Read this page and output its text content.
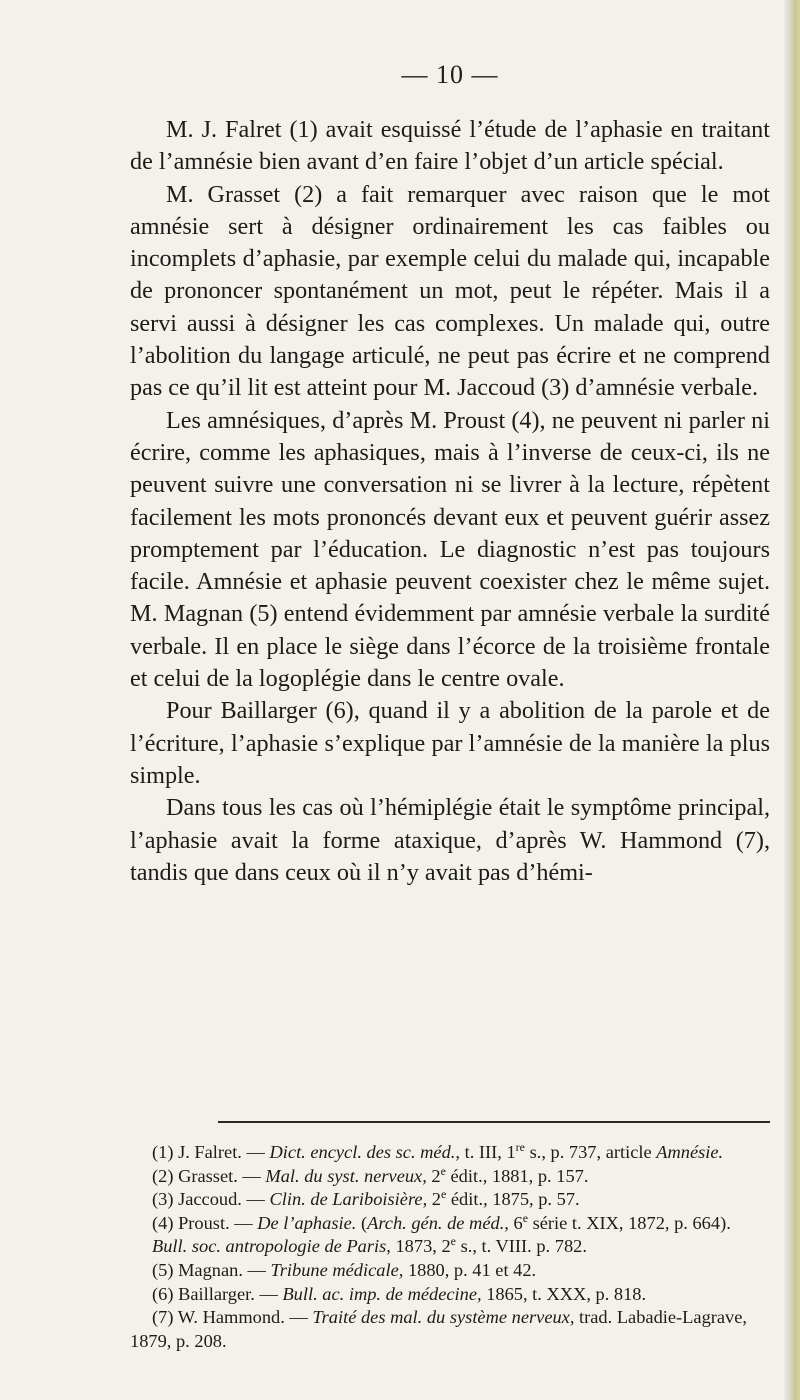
— 10 —

M. J. Falret (1) avait esquissé l’étude de l’aphasie en traitant de l’amnésie bien avant d’en faire l’objet d’un article spécial.

M. Grasset (2) a fait remarquer avec raison que le mot amnésie sert à désigner ordinairement les cas faibles ou incomplets d’aphasie, par exemple celui du malade qui, incapable de prononcer spontanément un mot, peut le répéter. Mais il a servi aussi à désigner les cas complexes. Un malade qui, outre l’abolition du langage articulé, ne peut pas écrire et ne comprend pas ce qu’il lit est atteint pour M. Jaccoud (3) d’amnésie verbale.

Les amnésiques, d’après M. Proust (4), ne peuvent ni parler ni écrire, comme les aphasiques, mais à l’inverse de ceux-ci, ils ne peuvent suivre une conversation ni se livrer à la lecture, répètent facilement les mots prononcés devant eux et peuvent guérir assez promptement par l’éducation. Le diagnostic n’est pas toujours facile. Amnésie et aphasie peuvent coexister chez le même sujet. M. Magnan (5) entend évidemment par amnésie verbale la surdité verbale. Il en place le siège dans l’écorce de la troisième frontale et celui de la logoplégie dans le centre ovale.

Pour Baillarger (6), quand il y a abolition de la parole et de l’écriture, l’aphasie s’explique par l’amnésie de la manière la plus simple.

Dans tous les cas où l’hémiplégie était le symptôme principal, l’aphasie avait la forme ataxique, d’après W. Hammond (7), tandis que dans ceux où il n’y avait pas d’hémi-

(1) J. Falret. — Dict. encycl. des sc. méd., t. III, 1re s., p. 737, article Amnésie.
(2) Grasset. — Mal. du syst. nerveux, 2e édit., 1881, p. 157.
(3) Jaccoud. — Clin. de Lariboisière, 2e édit., 1875, p. 57.
(4) Proust. — De l’aphasie. (Arch. gén. de méd., 6e série t. XIX, 1872, p. 664).
Bull. soc. antropologie de Paris, 1873, 2e s., t. VIII. p. 782.
(5) Magnan. — Tribune médicale, 1880, p. 41 et 42.
(6) Baillarger. — Bull. ac. imp. de médecine, 1865, t. XXX, p. 818.
(7) W. Hammond. — Traité des mal. du système nerveux, trad. Labadie-Lagrave, 1879, p. 208.
